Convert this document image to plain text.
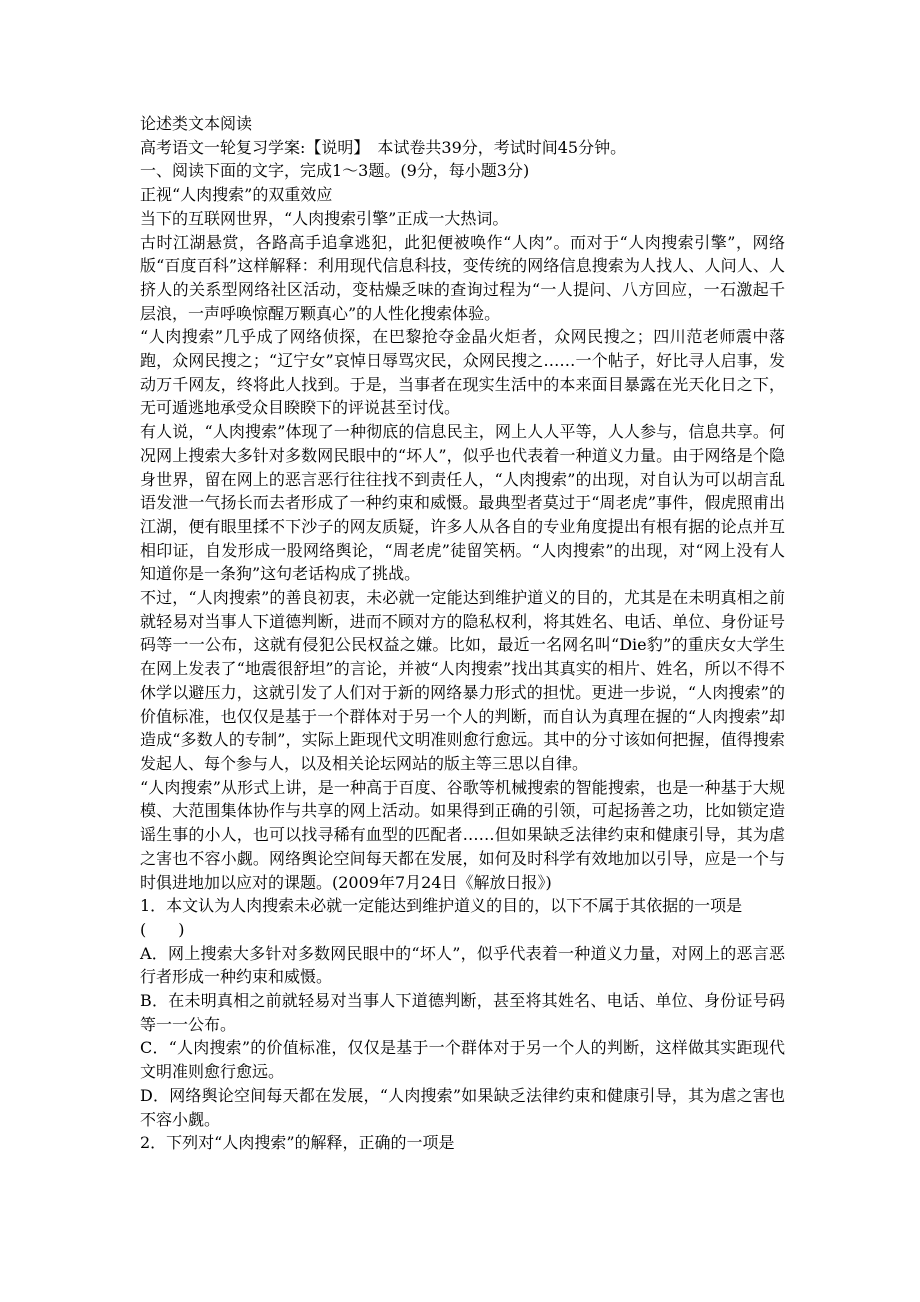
论述类文本阅读

高考语文一轮复习学案:【说明】　本试卷共39分，考试时间45分钟。

一、阅读下面的文字，完成1～3题。(9分，每小题3分)

正视“人肉搜索”的双重效应

当下的互联网世界，“人肉搜索引擎”正成一大热词。

古时江湖悬赏，各路高手追拿逃犯，此犯便被唤作“人肉”。而对于“人肉搜索引擎”，网络版“百度百科”这样解释：利用现代信息科技，变传统的网络信息搜索为人找人、人问人、人挤人的关系型网络社区活动，变枯燥乏味的查询过程为“一人提问、八方回应，一石激起千层浪，一声呼唤惊醒万颗真心”的人性化搜索体验。

“人肉搜索”几乎成了网络侦探，在巴黎抢夺金晶火炬者，众网民搜之；四川范老师震中落跑，众网民搜之；“辽宁女”哀悼日辱骂灾民，众网民搜之……一个帖子，好比寻人启事，发动万千网友，终将此人找到。于是，当事者在现实生活中的本来面目暴露在光天化日之下，无可遁逃地承受众目睽睽下的评说甚至讨伐。

有人说，“人肉搜索”体现了一种彻底的信息民主，网上人人平等，人人参与，信息共享。何况网上搜索大多针对多数网民眼中的“坏人”，似乎也代表着一种道义力量。由于网络是个隐身世界，留在网上的恶言恶行往往找不到责任人，“人肉搜索”的出现，对自认为可以胡言乱语发泄一气扬长而去者形成了一种约束和威慑。最典型者莫过于“周老虎”事件，假虎照甫出江湖，便有眼里揉不下沙子的网友质疑，许多人从各自的专业角度提出有根有据的论点并互相印证，自发形成一股网络舆论，“周老虎”徒留笑柄。“人肉搜索”的出现，对“网上没有人知道你是一条狗”这句老话构成了挑战。

不过，“人肉搜索”的善良初衷，未必就一定能达到维护道义的目的，尤其是在未明真相之前就轻易对当事人下道德判断，进而不顾对方的隐私权利，将其姓名、电话、单位、身份证号码等一一公布，这就有侵犯公民权益之嫌。比如，最近一名网名叫“Die豹”的重庆女大学生在网上发表了“地震很舒坦”的言论，并被“人肉搜索”找出其真实的相片、姓名，所以不得不休学以避压力，这就引发了人们对于新的网络暴力形式的担忧。更进一步说，“人肉搜索”的价值标准，也仅仅是基于一个群体对于另一个人的判断，而自认为真理在握的“人肉搜索”却造成“多数人的专制”，实际上距现代文明准则愈行愈远。其中的分寸该如何把握，值得搜索发起人、每个参与人，以及相关论坛网站的版主等三思以自律。

“人肉搜索”从形式上讲，是一种高于百度、谷歌等机械搜索的智能搜索，也是一种基于大规模、大范围集体协作与共享的网上活动。如果得到正确的引领，可起扬善之功，比如锁定造谣生事的小人，也可以找寻稀有血型的匹配者……但如果缺乏法律约束和健康引导，其为虐之害也不容小觑。网络舆论空间每天都在发展，如何及时科学有效地加以引导，应是一个与时俱进地加以应对的课题。(2009年7月24日《解放日报》)

1．本文认为人肉搜索未必就一定能达到维护道义的目的，以下不属于其依据的一项是

(　　)

A．网上搜索大多针对多数网民眼中的“坏人”，似乎代表着一种道义力量，对网上的恶言恶行者形成一种约束和威慑。

B．在未明真相之前就轻易对当事人下道德判断，甚至将其姓名、电话、单位、身份证号码等一一公布。

C．“人肉搜索”的价值标准，仅仅是基于一个群体对于另一个人的判断，这样做其实距现代文明准则愈行愈远。

D．网络舆论空间每天都在发展，“人肉搜索”如果缺乏法律约束和健康引导，其为虐之害也不容小觑。

2．下列对“人肉搜索”的解释，正确的一项是
